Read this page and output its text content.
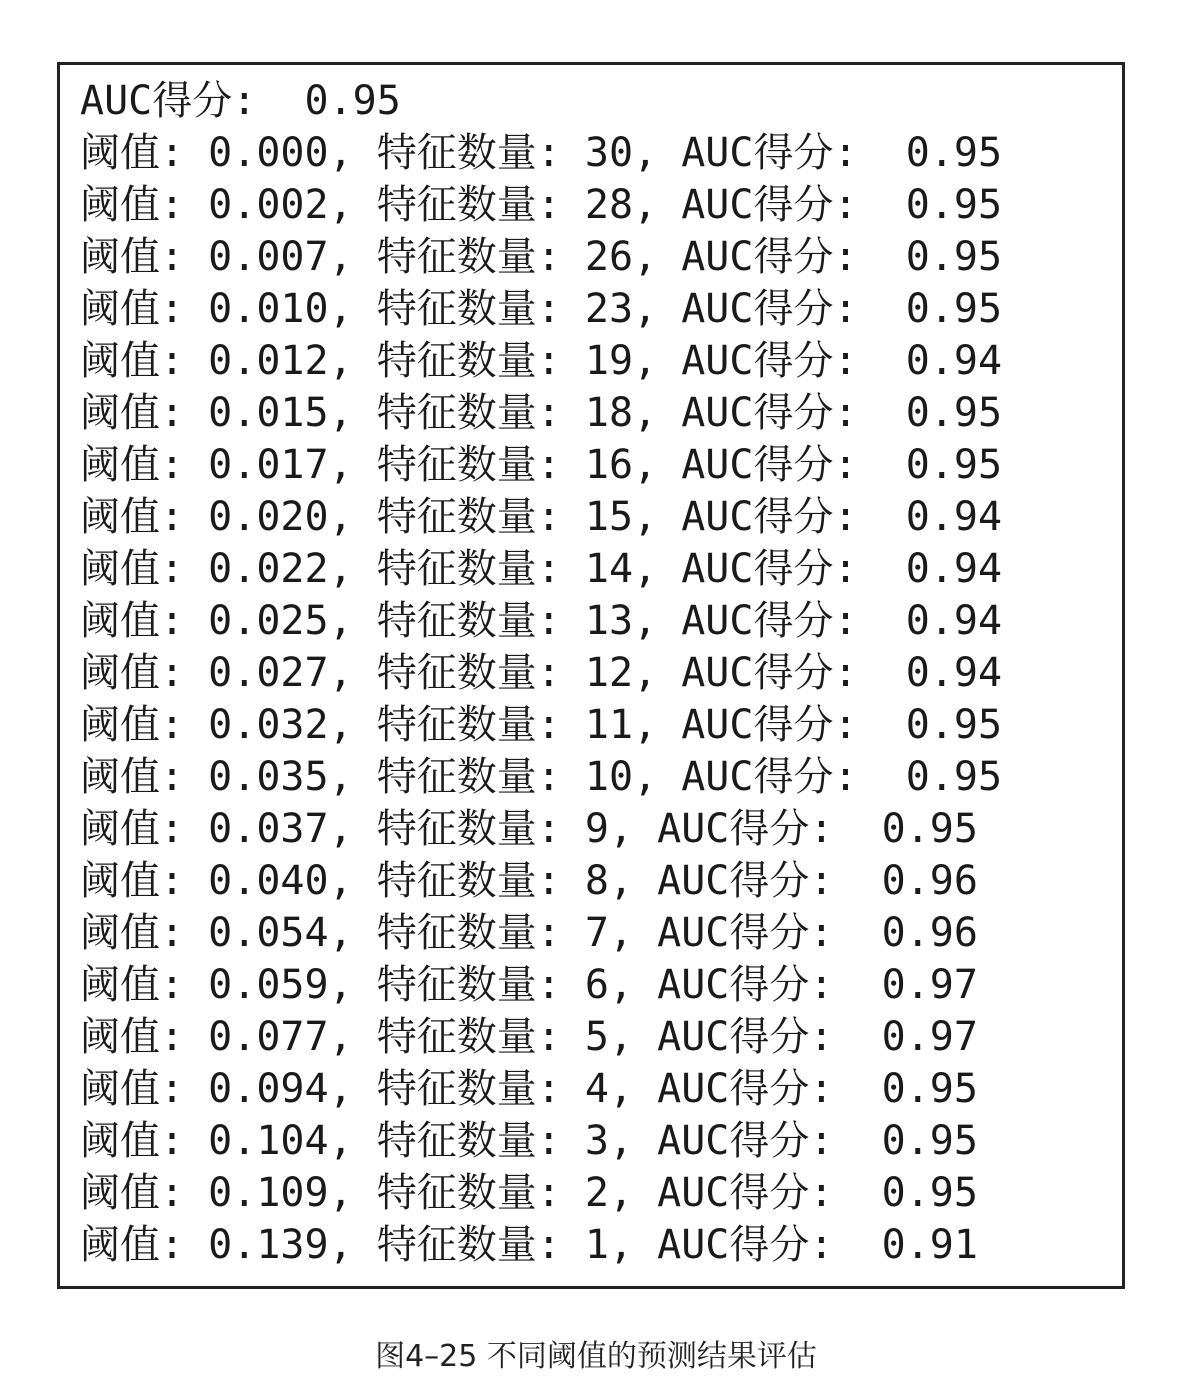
AUC得分:  0.95
阈值: 0.000, 特征数量: 30, AUC得分:  0.95
阈值: 0.002, 特征数量: 28, AUC得分:  0.95
阈值: 0.007, 特征数量: 26, AUC得分:  0.95
阈值: 0.010, 特征数量: 23, AUC得分:  0.95
阈值: 0.012, 特征数量: 19, AUC得分:  0.94
阈值: 0.015, 特征数量: 18, AUC得分:  0.95
阈值: 0.017, 特征数量: 16, AUC得分:  0.95
阈值: 0.020, 特征数量: 15, AUC得分:  0.94
阈值: 0.022, 特征数量: 14, AUC得分:  0.94
阈值: 0.025, 特征数量: 13, AUC得分:  0.94
阈值: 0.027, 特征数量: 12, AUC得分:  0.94
阈值: 0.032, 特征数量: 11, AUC得分:  0.95
阈值: 0.035, 特征数量: 10, AUC得分:  0.95
阈值: 0.037, 特征数量: 9, AUC得分:  0.95
阈值: 0.040, 特征数量: 8, AUC得分:  0.96
阈值: 0.054, 特征数量: 7, AUC得分:  0.96
阈值: 0.059, 特征数量: 6, AUC得分:  0.97
阈值: 0.077, 特征数量: 5, AUC得分:  0.97
阈值: 0.094, 特征数量: 4, AUC得分:  0.95
阈值: 0.104, 特征数量: 3, AUC得分:  0.95
阈值: 0.109, 特征数量: 2, AUC得分:  0.95
阈值: 0.139, 特征数量: 1, AUC得分:  0.91
图4–25 不同阈值的预测结果评估
